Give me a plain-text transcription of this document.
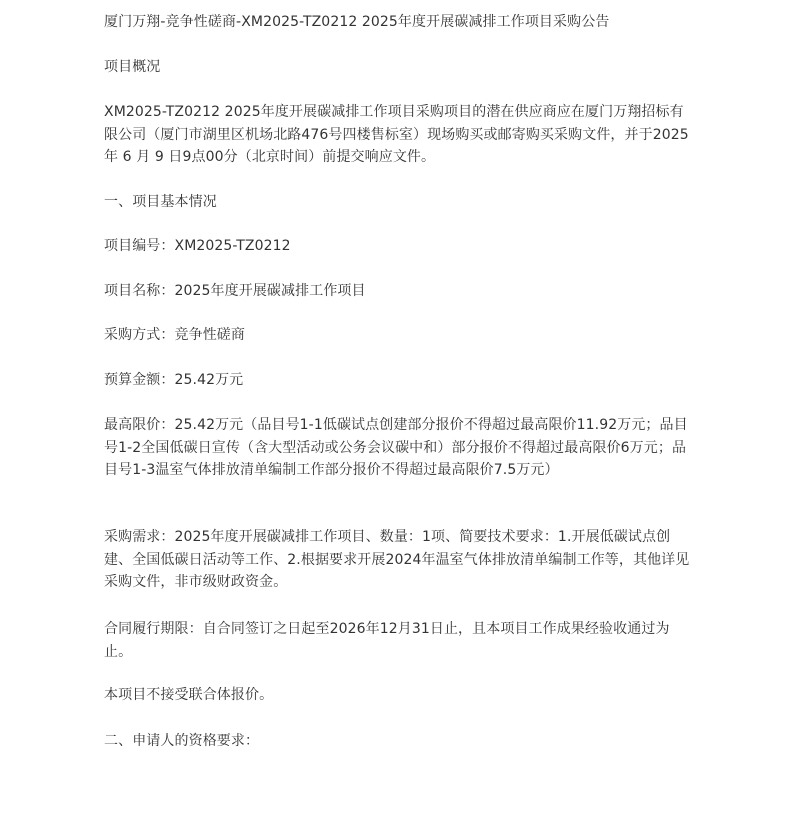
厦门万翔-竞争性磋商-XM2025-TZ0212 2025年度开展碳减排工作项目采购公告

项目概况

XM2025-TZ0212 2025年度开展碳减排工作项目采购项目的潜在供应商应在厦门万翔招标有限公司（厦门市湖里区机场北路476号四楼售标室）现场购买或邮寄购买采购文件，并于2025年 6 月 9 日9点00分（北京时间）前提交响应文件。

一、项目基本情况

项目编号：XM2025-TZ0212

项目名称：2025年度开展碳减排工作项目

采购方式：竞争性磋商

预算金额：25.42万元

最高限价：25.42万元（品目号1-1低碳试点创建部分报价不得超过最高限价11.92万元；品目号1-2全国低碳日宣传（含大型活动或公务会议碳中和）部分报价不得超过最高限价6万元；品目号1-3温室气体排放清单编制工作部分报价不得超过最高限价7.5万元）

采购需求：2025年度开展碳减排工作项目、数量：1项、简要技术要求：1.开展低碳试点创建、全国低碳日活动等工作、2.根据要求开展2024年温室气体排放清单编制工作等，其他详见采购文件，非市级财政资金。

合同履行期限：自合同签订之日起至2026年12月31日止，且本项目工作成果经验收通过为止。

本项目不接受联合体报价。

二、申请人的资格要求：
